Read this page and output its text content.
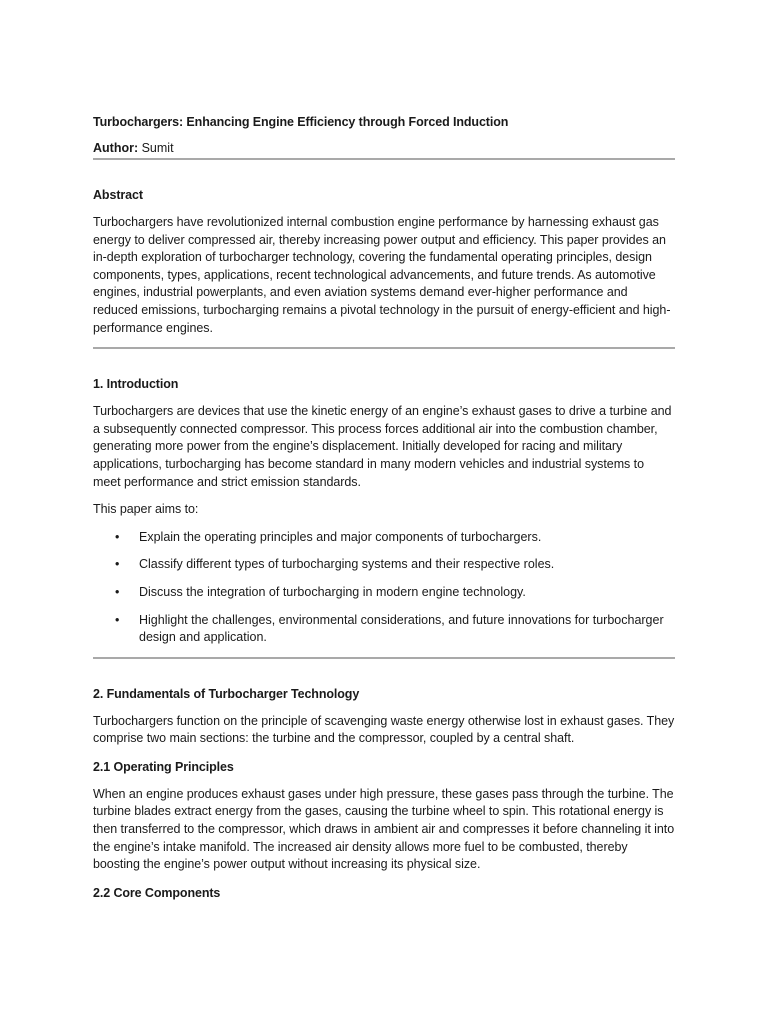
Turbochargers: Enhancing Engine Efficiency through Forced Induction

Author: Sumit

Abstract

Turbochargers have revolutionized internal combustion engine performance by harnessing exhaust gas energy to deliver compressed air, thereby increasing power output and efficiency. This paper provides an in-depth exploration of turbocharger technology, covering the fundamental operating principles, design components, types, applications, recent technological advancements, and future trends. As automotive engines, industrial powerplants, and even aviation systems demand ever-higher performance and reduced emissions, turbocharging remains a pivotal technology in the pursuit of energy-efficient and high-performance engines.

1. Introduction

Turbochargers are devices that use the kinetic energy of an engine’s exhaust gases to drive a turbine and a subsequently connected compressor. This process forces additional air into the combustion chamber, generating more power from the engine’s displacement. Initially developed for racing and military applications, turbocharging has become standard in many modern vehicles and industrial systems to meet performance and strict emission standards.

This paper aims to:

• Explain the operating principles and major components of turbochargers.
• Classify different types of turbocharging systems and their respective roles.
• Discuss the integration of turbocharging in modern engine technology.
• Highlight the challenges, environmental considerations, and future innovations for turbocharger design and application.

2. Fundamentals of Turbocharger Technology

Turbochargers function on the principle of scavenging waste energy otherwise lost in exhaust gases. They comprise two main sections: the turbine and the compressor, coupled by a central shaft.

2.1 Operating Principles

When an engine produces exhaust gases under high pressure, these gases pass through the turbine. The turbine blades extract energy from the gases, causing the turbine wheel to spin. This rotational energy is then transferred to the compressor, which draws in ambient air and compresses it before channeling it into the engine’s intake manifold. The increased air density allows more fuel to be combusted, thereby boosting the engine’s power output without increasing its physical size.

2.2 Core Components
